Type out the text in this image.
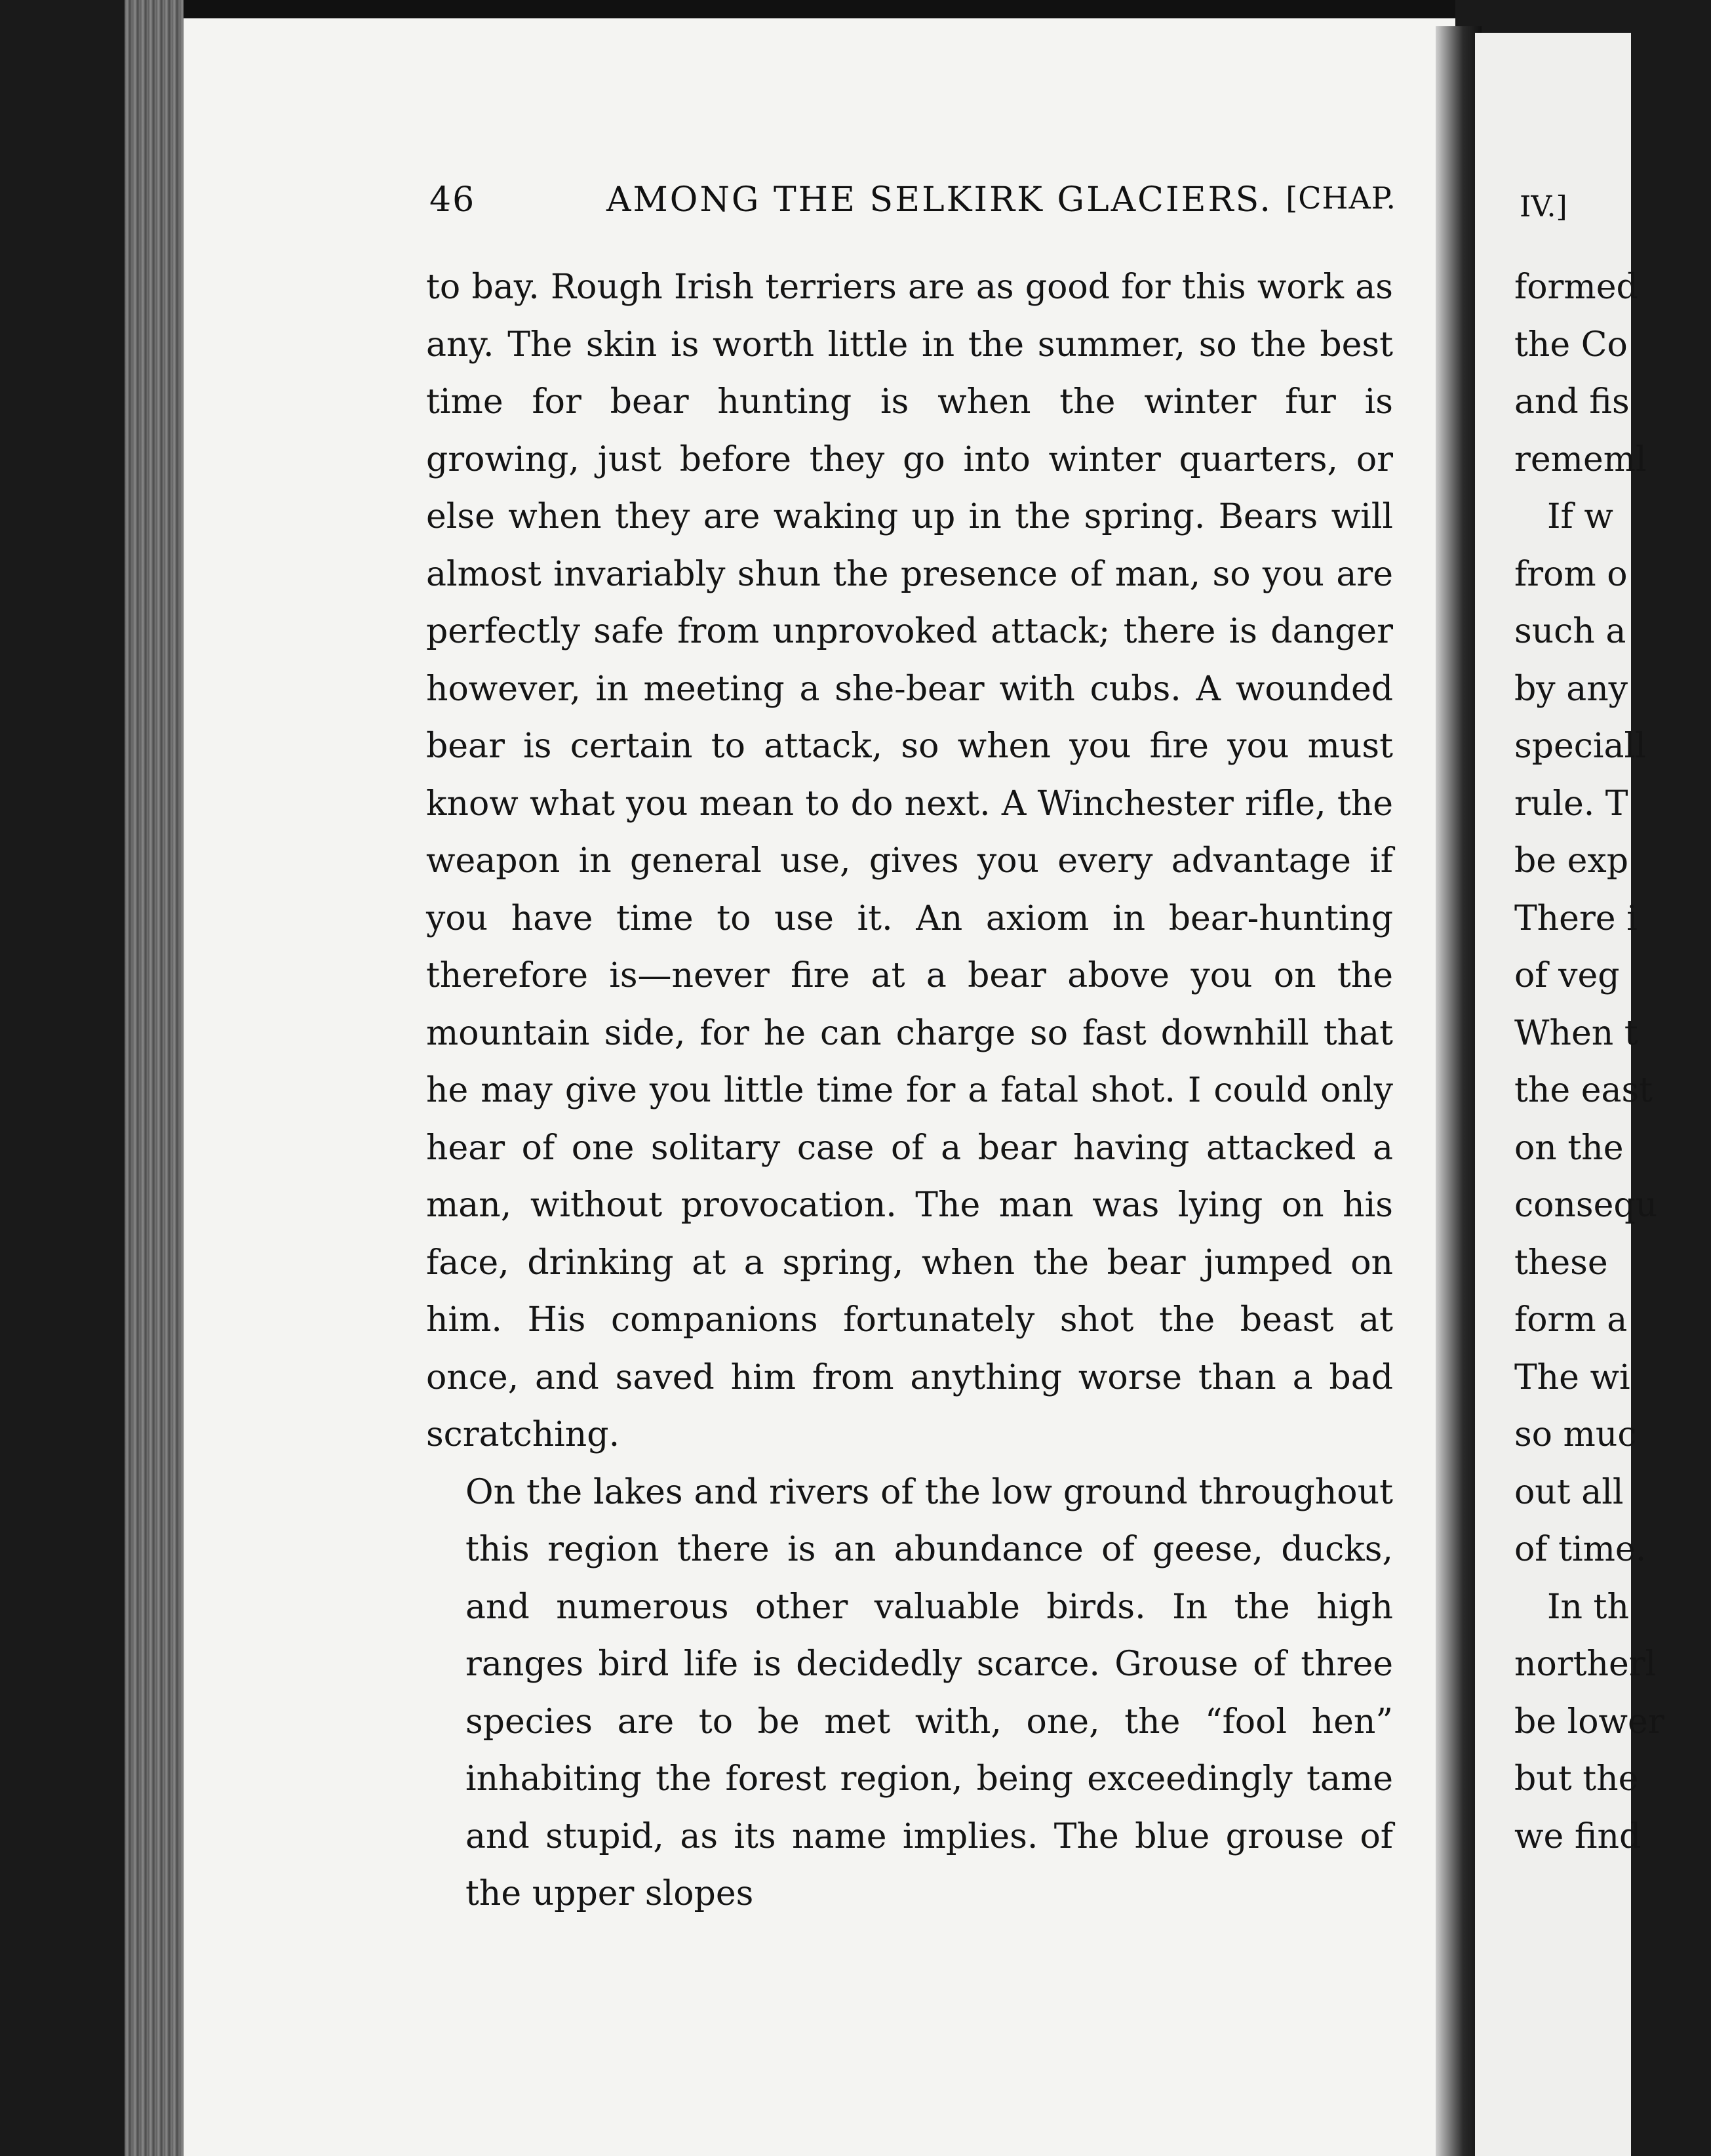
46	AMONG THE SELKIRK GLACIERS. [CHAP.
to bay. Rough Irish terriers are as good for this work as any. The skin is worth little in the summer, so the best time for bear hunting is when the winter fur is growing, just before they go into winter quarters, or else when they are waking up in the spring. Bears will almost invariably shun the presence of man, so you are perfectly safe from unprovoked attack; there is danger however, in meeting a she-bear with cubs. A wounded bear is certain to attack, so when you fire you must know what you mean to do next. A Winchester rifle, the weapon in general use, gives you every advantage if you have time to use it. An axiom in bear-hunting therefore is—never fire at a bear above you on the mountain side, for he can charge so fast downhill that he may give you little time for a fatal shot. I could only hear of one solitary case of a bear having attacked a man, without provocation. The man was lying on his face, drinking at a spring, when the bear jumped on him. His companions fortunately shot the beast at once, and saved him from anything worse than a bad scratching.
On the lakes and rivers of the low ground throughout this region there is an abundance of geese, ducks, and numerous other valuable birds. In the high ranges bird life is decidedly scarce. Grouse of three species are to be met with, one, the “fool hen” inhabiting the forest region, being exceedingly tame and stupid, as its name implies. The blue grouse of the upper slopes
IV.]
formed
the Co
and fis
rememl
If w
from o
such a
by any
speciall
rule. T
be exp
There i
of veg
When t
the east
on the
consequ
these
form a
The wi
so muc
out all
of time.
In th
northerl
be lower
but the
we find
